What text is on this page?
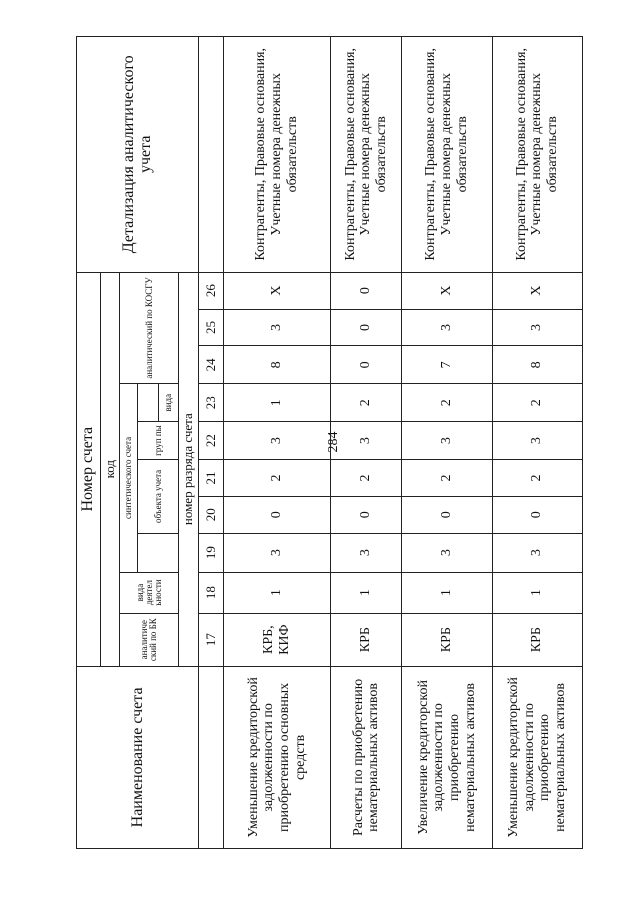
284
Наименование счета	Номер счета										Детализация аналитического учета
	код										
	аналитиче ский по БК	вида деятел ьности	синтетического счета					аналитический по КОСГУ			
				объекта учета		груп пы					
							вида				
	номер разряда счета										
	17	18	19	20	21	22	23	24	25	26	
Уменьшение кредиторской задолженности по приобретению основных средств	КРБ, КИФ	1	3	0	2	3	1	8	3	X	Контрагенты, Правовые основания, Учетные номера денежных обязательств
Расчеты по приобретению нематериальных активов	КРБ	1	3	0	2	3	2	0	0	0	Контрагенты, Правовые основания, Учетные номера денежных обязательств
Увеличение кредиторской задолженности по приобретению нематериальных активов	КРБ	1	3	0	2	3	2	7	3	X	Контрагенты, Правовые основания, Учетные номера денежных обязательств
Уменьшение кредиторской задолженности по приобретению нематериальных активов	КРБ	1	3	0	2	3	2	8	3	X	Контрагенты, Правовые основания, Учетные номера денежных обязательств
